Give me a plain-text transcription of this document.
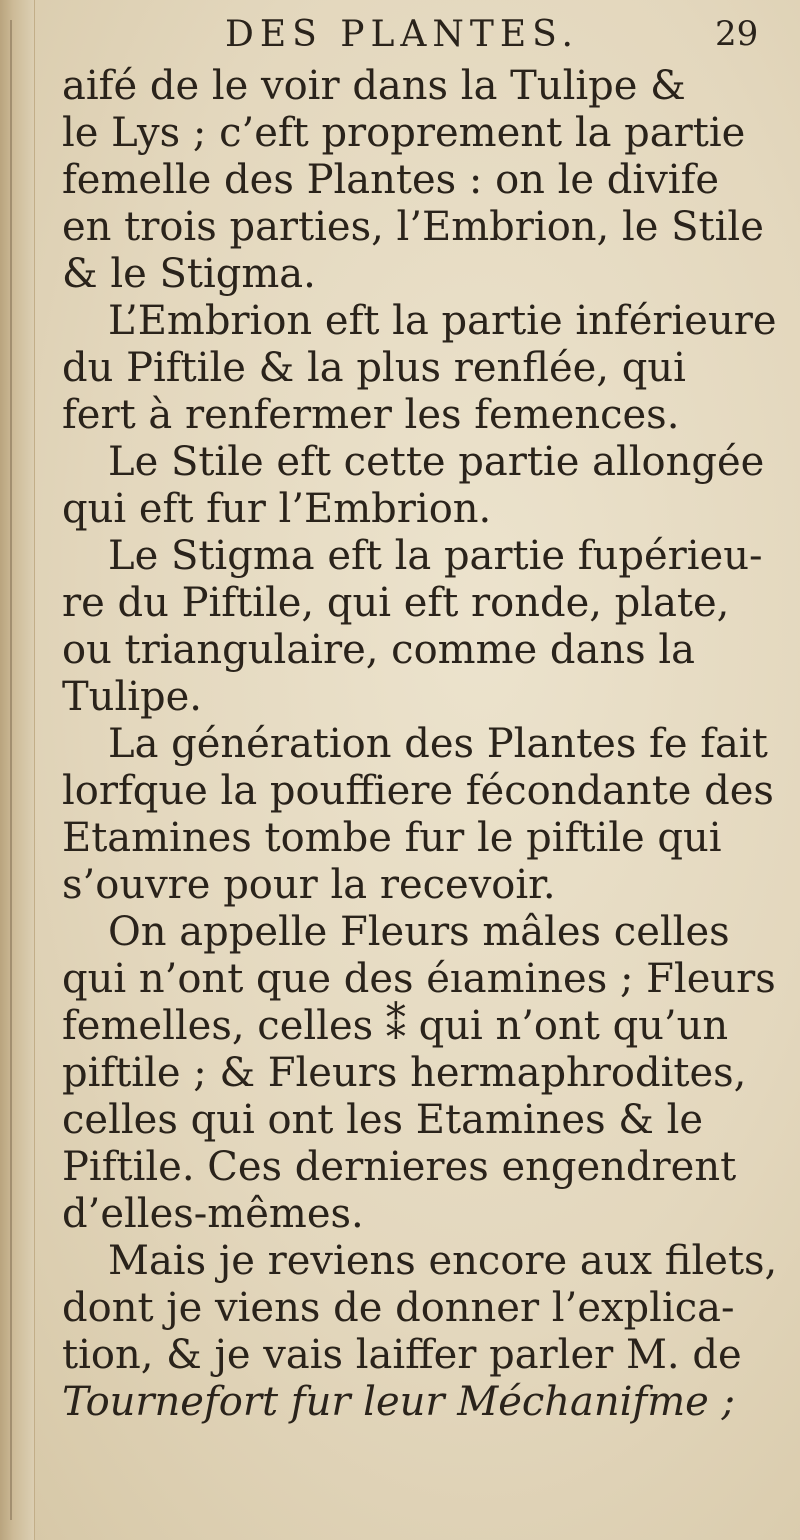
DES PLANTES.	29
aifé de le voir dans la Tulipe &
le Lys ; c’eft proprement la partie
femelle des Plantes : on le divife
en trois parties, l’Embrion, le Stile
& le Stigma.
L’Embrion eft la partie inférieure
du Piftile & la plus renflée, qui
fert à renfermer les femences.
Le Stile eft cette partie allongée
qui eft fur l’Embrion.
Le Stigma eft la partie fupérieu-
re du Piftile, qui eft ronde, plate,
ou triangulaire, comme dans la
Tulipe.
La génération des Plantes fe fait
lorfque la pouffiere fécondante des
Etamines tombe fur le piftile qui
s’ouvre pour la recevoir.
On appelle Fleurs mâles celles
qui n’ont que des éıamines ; Fleurs
femelles, celles ⁑ qui n’ont qu’un
piftile ; & Fleurs hermaphrodites,
celles qui ont les Etamines & le
Piftile. Ces dernieres engendrent
d’elles-mêmes.
Mais je reviens encore aux filets,
dont je viens de donner l’explica-
tion, & je vais laiffer parler M. de
Tournefort fur leur Méchanifme ;
